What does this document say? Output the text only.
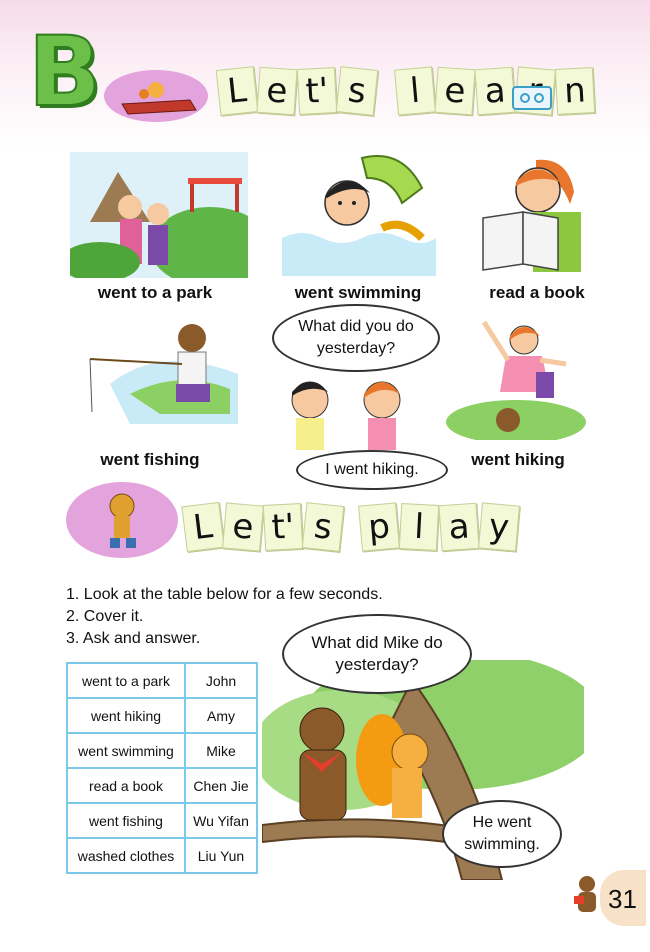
B	L e t' s	l e a n
went to a park	went swimming	read a book
went fishing
What did you do yesterday?
I went hiking.
went hiking
L e t' s p l a y
1. Look at the table below for a few seconds.
2. Cover it.
3. Ask and answer.
went to a park	John
went hiking	Amy
went swimming	Mike
read a book	Chen Jie
went fishing	Wu Yifan
washed clothes	Liu Yun
What did Mike do yesterday?
He went swimming.
31
